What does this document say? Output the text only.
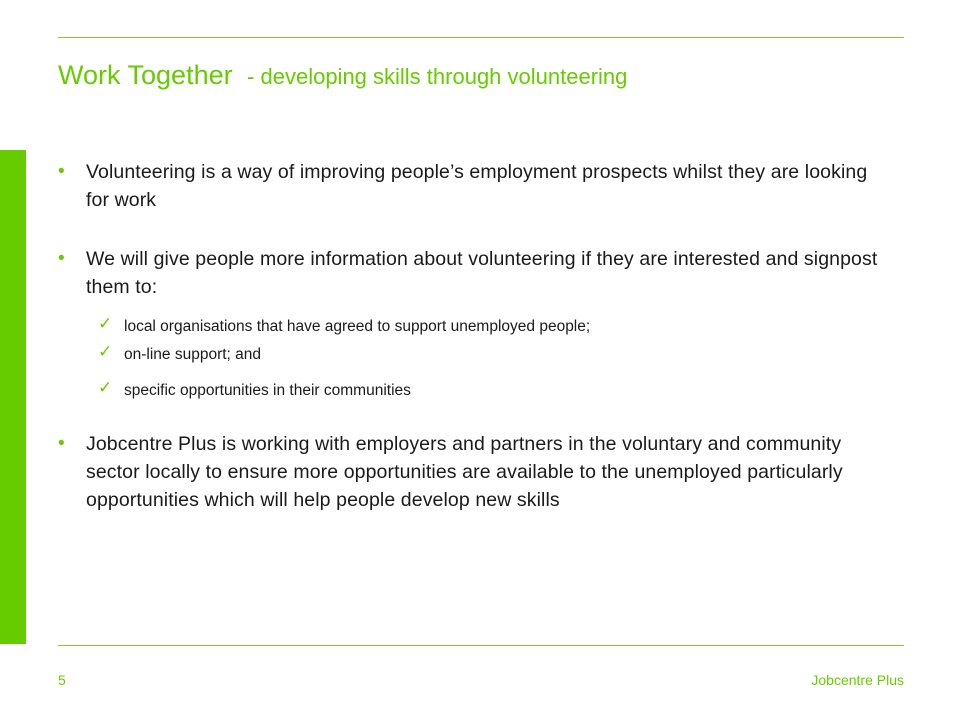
Work Together - developing skills through volunteering
• Volunteering is a way of improving people’s employment prospects whilst they are looking for work
• We will give people more information about volunteering if they are interested and signpost them to:
✓ local organisations that have agreed to support unemployed people;
✓ on-line support; and
✓ specific opportunities in their communities
• Jobcentre Plus is working with employers and partners in the voluntary and community sector locally to ensure more opportunities are available to the unemployed particularly opportunities which will help people develop new skills
5	Jobcentre Plus
